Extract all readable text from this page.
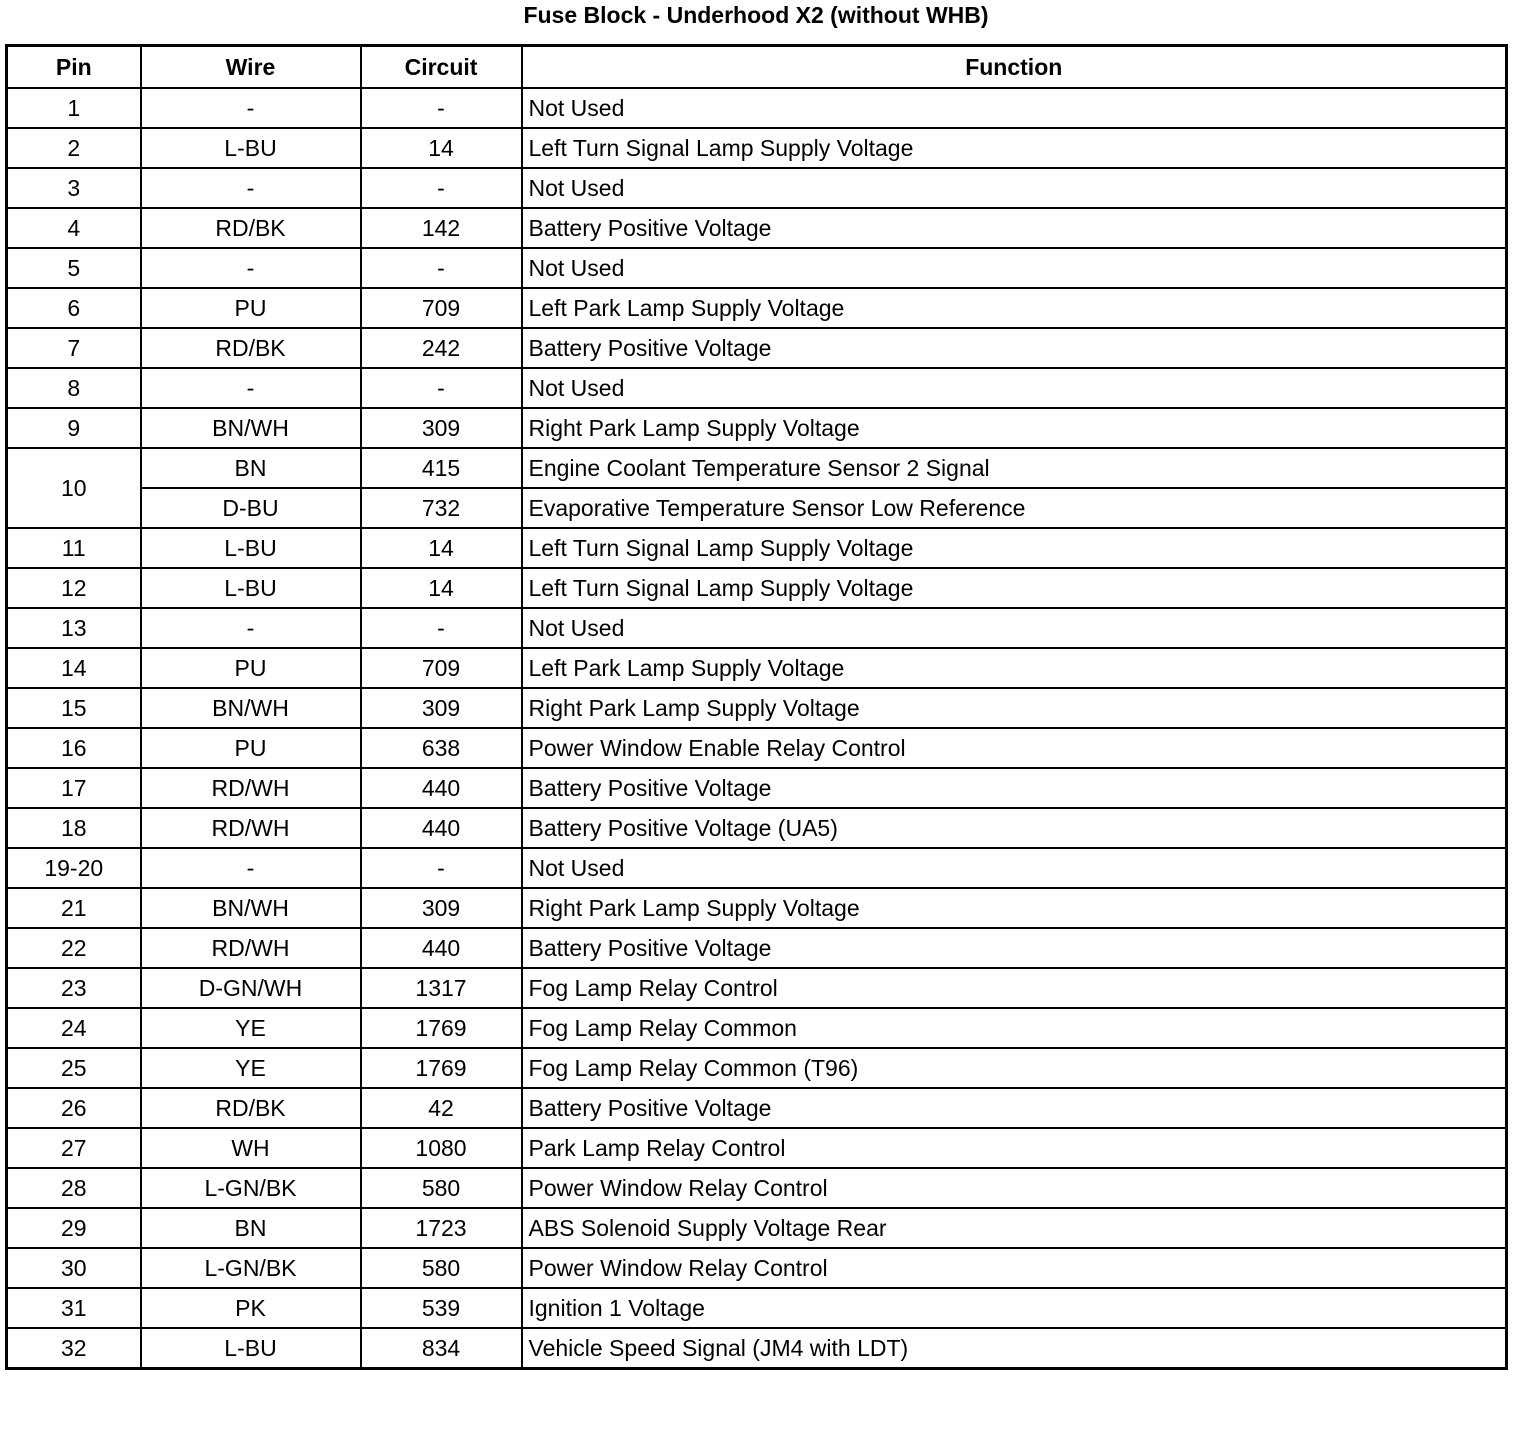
Fuse Block - Underhood X2 (without WHB)
Pin	Wire	Circuit	Function
1	-	-	Not Used
2	L-BU	14	Left Turn Signal Lamp Supply Voltage
3	-	-	Not Used
4	RD/BK	142	Battery Positive Voltage
5	-	-	Not Used
6	PU	709	Left Park Lamp Supply Voltage
7	RD/BK	242	Battery Positive Voltage
8	-	-	Not Used
9	BN/WH	309	Right Park Lamp Supply Voltage
10	BN	415	Engine Coolant Temperature Sensor 2 Signal
	D-BU	732	Evaporative Temperature Sensor Low Reference
11	L-BU	14	Left Turn Signal Lamp Supply Voltage
12	L-BU	14	Left Turn Signal Lamp Supply Voltage
13	-	-	Not Used
14	PU	709	Left Park Lamp Supply Voltage
15	BN/WH	309	Right Park Lamp Supply Voltage
16	PU	638	Power Window Enable Relay Control
17	RD/WH	440	Battery Positive Voltage
18	RD/WH	440	Battery Positive Voltage (UA5)
19-20	-	-	Not Used
21	BN/WH	309	Right Park Lamp Supply Voltage
22	RD/WH	440	Battery Positive Voltage
23	D-GN/WH	1317	Fog Lamp Relay Control
24	YE	1769	Fog Lamp Relay Common
25	YE	1769	Fog Lamp Relay Common (T96)
26	RD/BK	42	Battery Positive Voltage
27	WH	1080	Park Lamp Relay Control
28	L-GN/BK	580	Power Window Relay Control
29	BN	1723	ABS Solenoid Supply Voltage Rear
30	L-GN/BK	580	Power Window Relay Control
31	PK	539	Ignition 1 Voltage
32	L-BU	834	Vehicle Speed Signal (JM4 with LDT)
